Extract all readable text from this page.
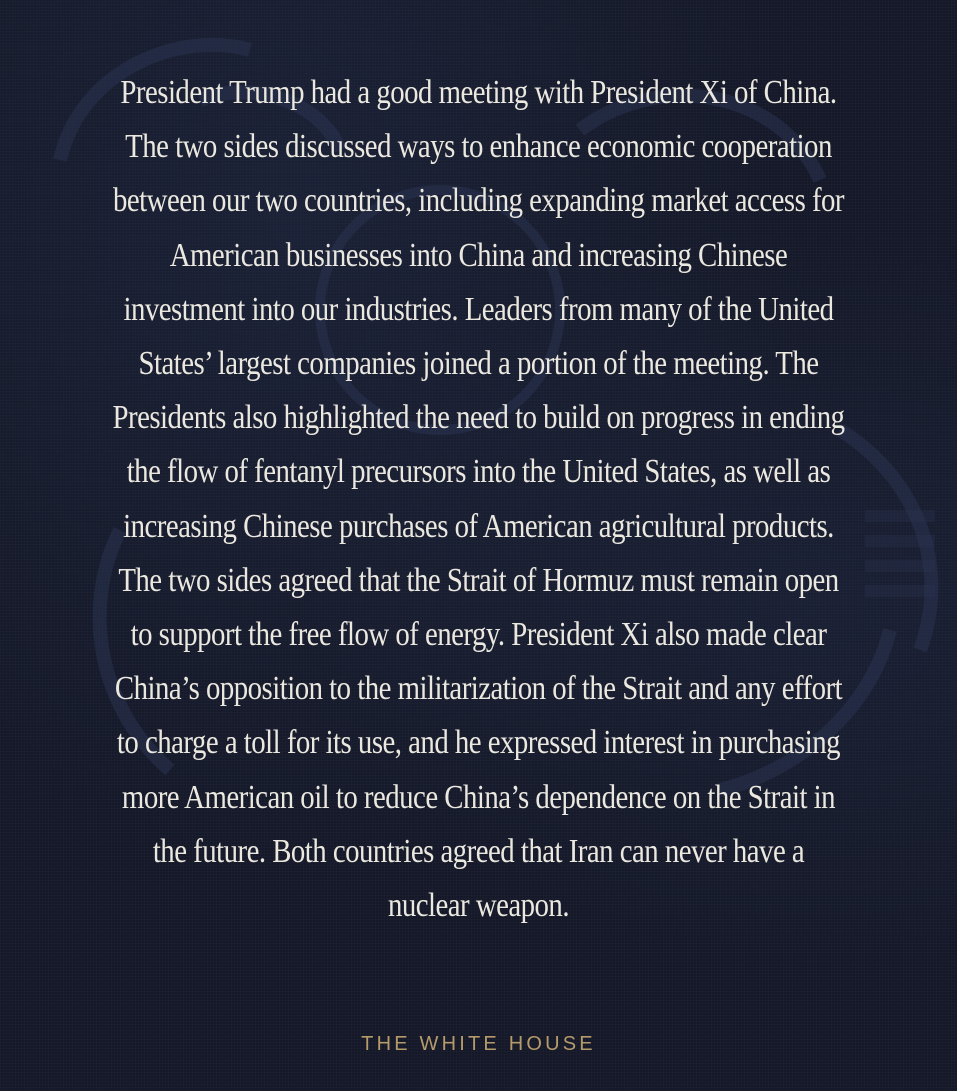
President Trump had a good meeting with President Xi of China. The two sides discussed ways to enhance economic cooperation between our two countries, including expanding market access for American businesses into China and increasing Chinese investment into our industries. Leaders from many of the United States’ largest companies joined a portion of the meeting. The Presidents also highlighted the need to build on progress in ending the flow of fentanyl precursors into the United States, as well as increasing Chinese purchases of American agricultural products. The two sides agreed that the Strait of Hormuz must remain open to support the free flow of energy. President Xi also made clear China’s opposition to the militarization of the Strait and any effort to charge a toll for its use, and he expressed interest in purchasing more American oil to reduce China’s dependence on the Strait in the future. Both countries agreed that Iran can never have a nuclear weapon.

THE WHITE HOUSE
